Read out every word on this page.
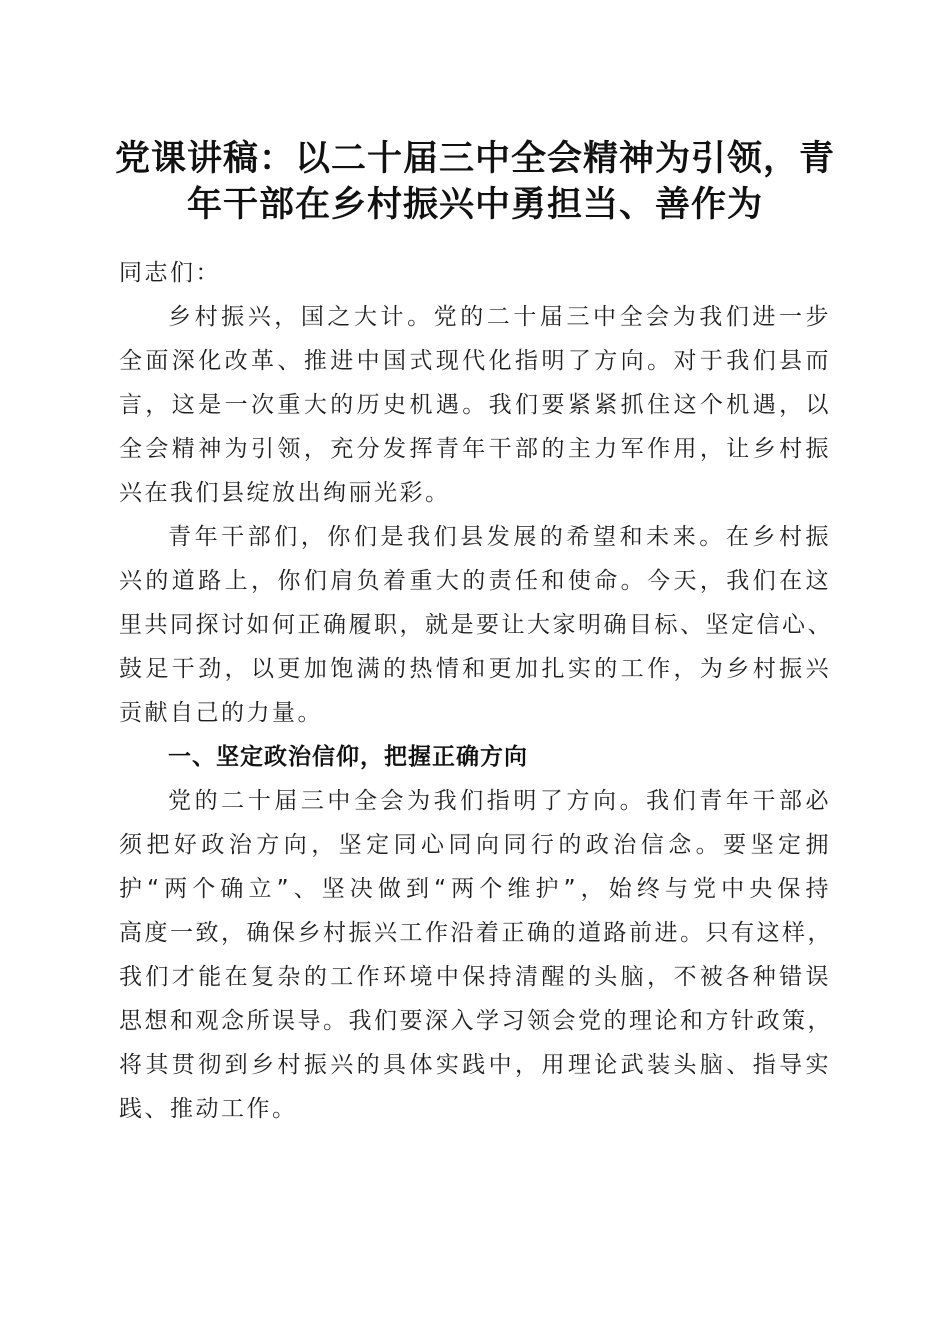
党课讲稿：以二十届三中全会精神为引领，青
年干部在乡村振兴中勇担当、善作为
同志们：
乡村振兴，国之大计。党的二十届三中全会为我们进一步
全面深化改革、推进中国式现代化指明了方向。对于我们县而
言，这是一次重大的历史机遇。我们要紧紧抓住这个机遇，以
全会精神为引领，充分发挥青年干部的主力军作用，让乡村振
兴在我们县绽放出绚丽光彩。
青年干部们，你们是我们县发展的希望和未来。在乡村振
兴的道路上，你们肩负着重大的责任和使命。今天，我们在这
里共同探讨如何正确履职，就是要让大家明确目标、坚定信心、
鼓足干劲，以更加饱满的热情和更加扎实的工作，为乡村振兴
贡献自己的力量。
一、坚定政治信仰，把握正确方向
党的二十届三中全会为我们指明了方向。我们青年干部必
须把好政治方向，坚定同心同向同行的政治信念。要坚定拥
护“两个确立”、坚决做到“两个维护”，始终与党中央保持
高度一致，确保乡村振兴工作沿着正确的道路前进。只有这样，
我们才能在复杂的工作环境中保持清醒的头脑，不被各种错误
思想和观念所误导。我们要深入学习领会党的理论和方针政策，
将其贯彻到乡村振兴的具体实践中，用理论武装头脑、指导实
践、推动工作。
